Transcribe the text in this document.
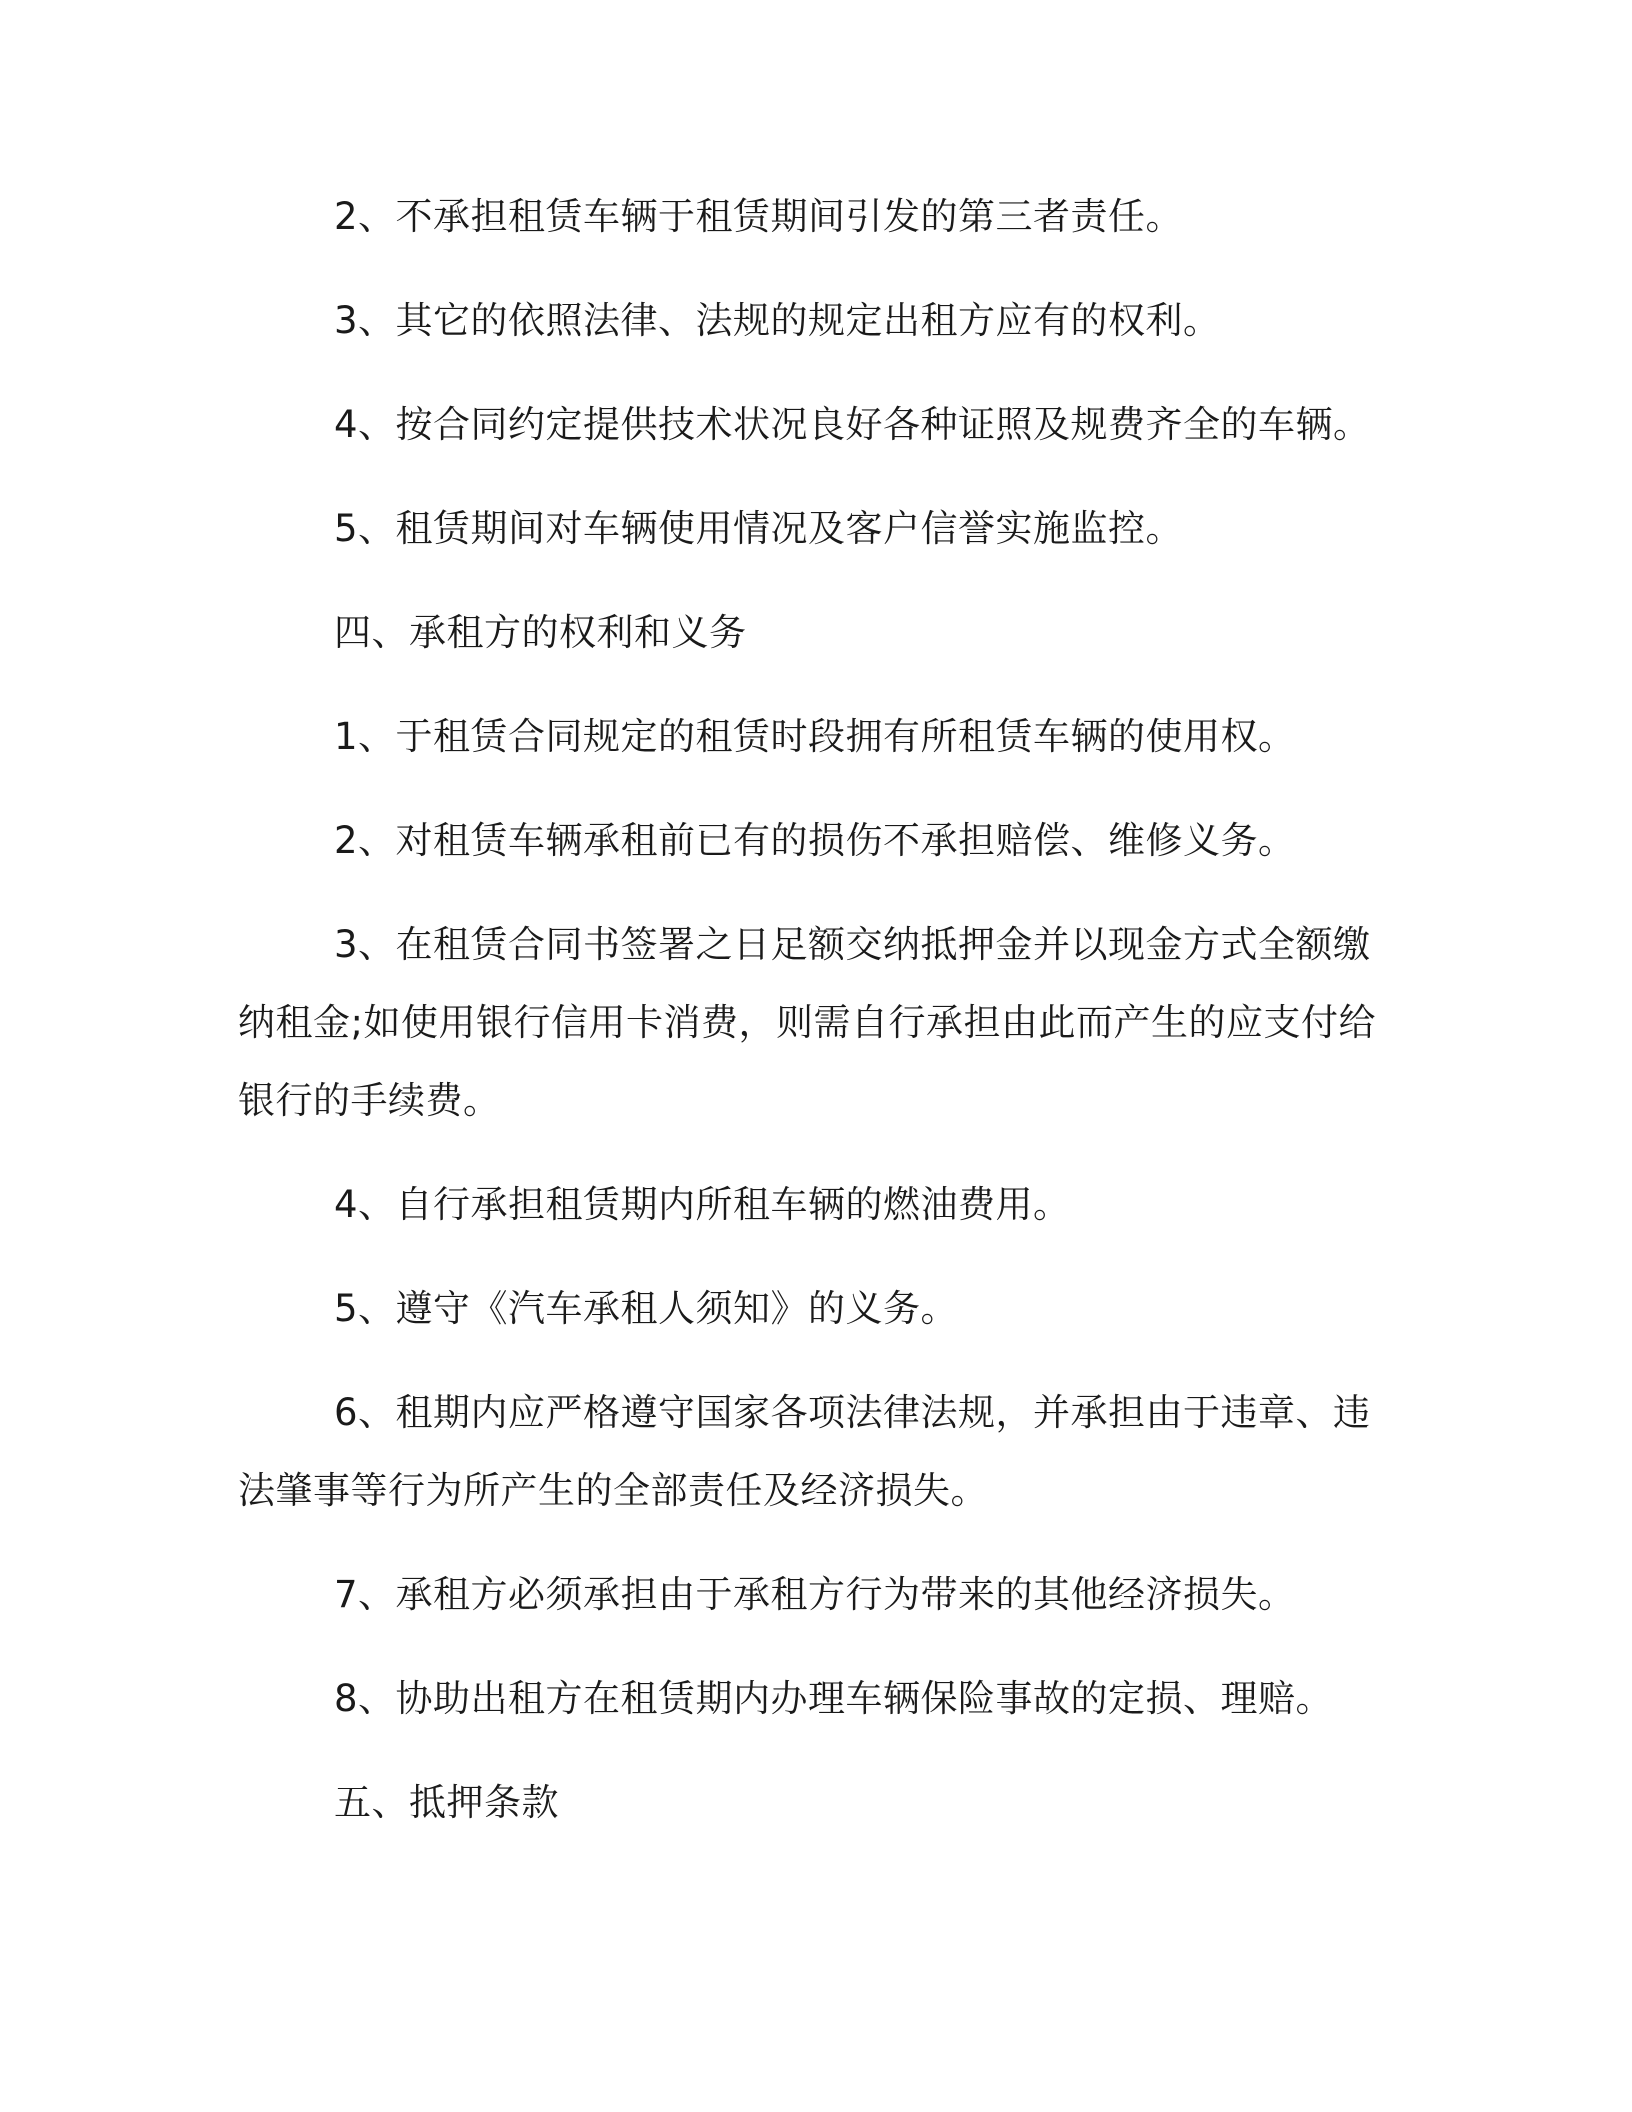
2、不承担租赁车辆于租赁期间引发的第三者责任。

3、其它的依照法律、法规的规定出租方应有的权利。

4、按合同约定提供技术状况良好各种证照及规费齐全的车辆。

5、租赁期间对车辆使用情况及客户信誉实施监控。

四、承租方的权利和义务

1、于租赁合同规定的租赁时段拥有所租赁车辆的使用权。

2、对租赁车辆承租前已有的损伤不承担赔偿、维修义务。

3、在租赁合同书签署之日足额交纳抵押金并以现金方式全额缴纳租金;如使用银行信用卡消费，则需自行承担由此而产生的应支付给银行的手续费。

4、自行承担租赁期内所租车辆的燃油费用。

5、遵守《汽车承租人须知》的义务。

6、租期内应严格遵守国家各项法律法规，并承担由于违章、违法肇事等行为所产生的全部责任及经济损失。

7、承租方必须承担由于承租方行为带来的其他经济损失。

8、协助出租方在租赁期内办理车辆保险事故的定损、理赔。

五、抵押条款
